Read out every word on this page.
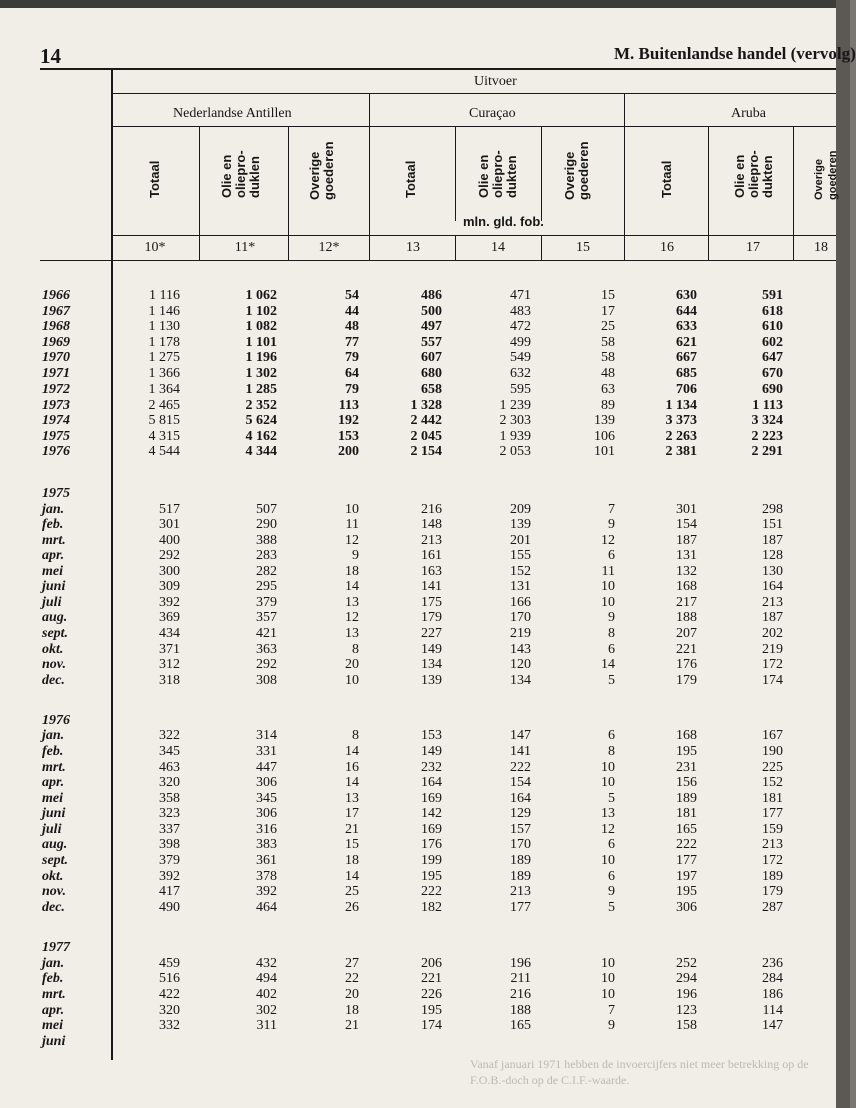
14	M. Buitenlandse handel (vervolg)
Uitvoer
Nederlandse Antillen	Curaçao	Aruba
Totaal	Olie en
oliepro-
duklen	Overige
goederen	Totaal	Olie en
olieprо-
dukten	Overige
goederen	Totaal	Olie en
olieprо-
dukten	Overige
goederen
mln. gld. fob.
10*	11*	12*	13	14	15	16	17	18
1966	1 116	1 062	54	486	471	15	630	591
1967	1 146	1 102	44	500	483	17	644	618
1968	1 130	1 082	48	497	472	25	633	610
1969	1 178	1 101	77	557	499	58	621	602
1970	1 275	1 196	79	607	549	58	667	647
1971	1 366	1 302	64	680	632	48	685	670
1972	1 364	1 285	79	658	595	63	706	690
1973	2 465	2 352	113	1 328	1 239	89	1 134	1 113
1974	5 815	5 624	192	2 442	2 303	139	3 373	3 324
1975	4 315	4 162	153	2 045	1 939	106	2 263	2 223
1976	4 544	4 344	200	2 154	2 053	101	2 381	2 291
1975
jan.	517	507	10	216	209	7	301	298
feb.	301	290	11	148	139	9	154	151
mrt.	400	388	12	213	201	12	187	187
apr.	292	283	9	161	155	6	131	128
mei	300	282	18	163	152	11	132	130
juni	309	295	14	141	131	10	168	164
juli	392	379	13	175	166	10	217	213
aug.	369	357	12	179	170	9	188	187
sept.	434	421	13	227	219	8	207	202
okt.	371	363	8	149	143	6	221	219
nov.	312	292	20	134	120	14	176	172
dec.	318	308	10	139	134	5	179	174
1976
jan.	322	314	8	153	147	6	168	167
feb.	345	331	14	149	141	8	195	190
mrt.	463	447	16	232	222	10	231	225
apr.	320	306	14	164	154	10	156	152
mei	358	345	13	169	164	5	189	181
juni	323	306	17	142	129	13	181	177
juli	337	316	21	169	157	12	165	159
aug.	398	383	15	176	170	6	222	213
sept.	379	361	18	199	189	10	177	172
okt.	392	378	14	195	189	6	197	189
nov.	417	392	25	222	213	9	195	179
dec.	490	464	26	182	177	5	306	287
1977
jan.	459	432	27	206	196	10	252	236
feb.	516	494	22	221	211	10	294	284
mrt.	422	402	20	226	216	10	196	186
apr.	320	302	18	195	188	7	123	114
mei	332	311	21	174	165	9	158	147
juni
Vanaf januari 1971 hebben de invoercijfers niet meer betrekking op de F.O.B.-doch op de C.I.F.-waarde.
